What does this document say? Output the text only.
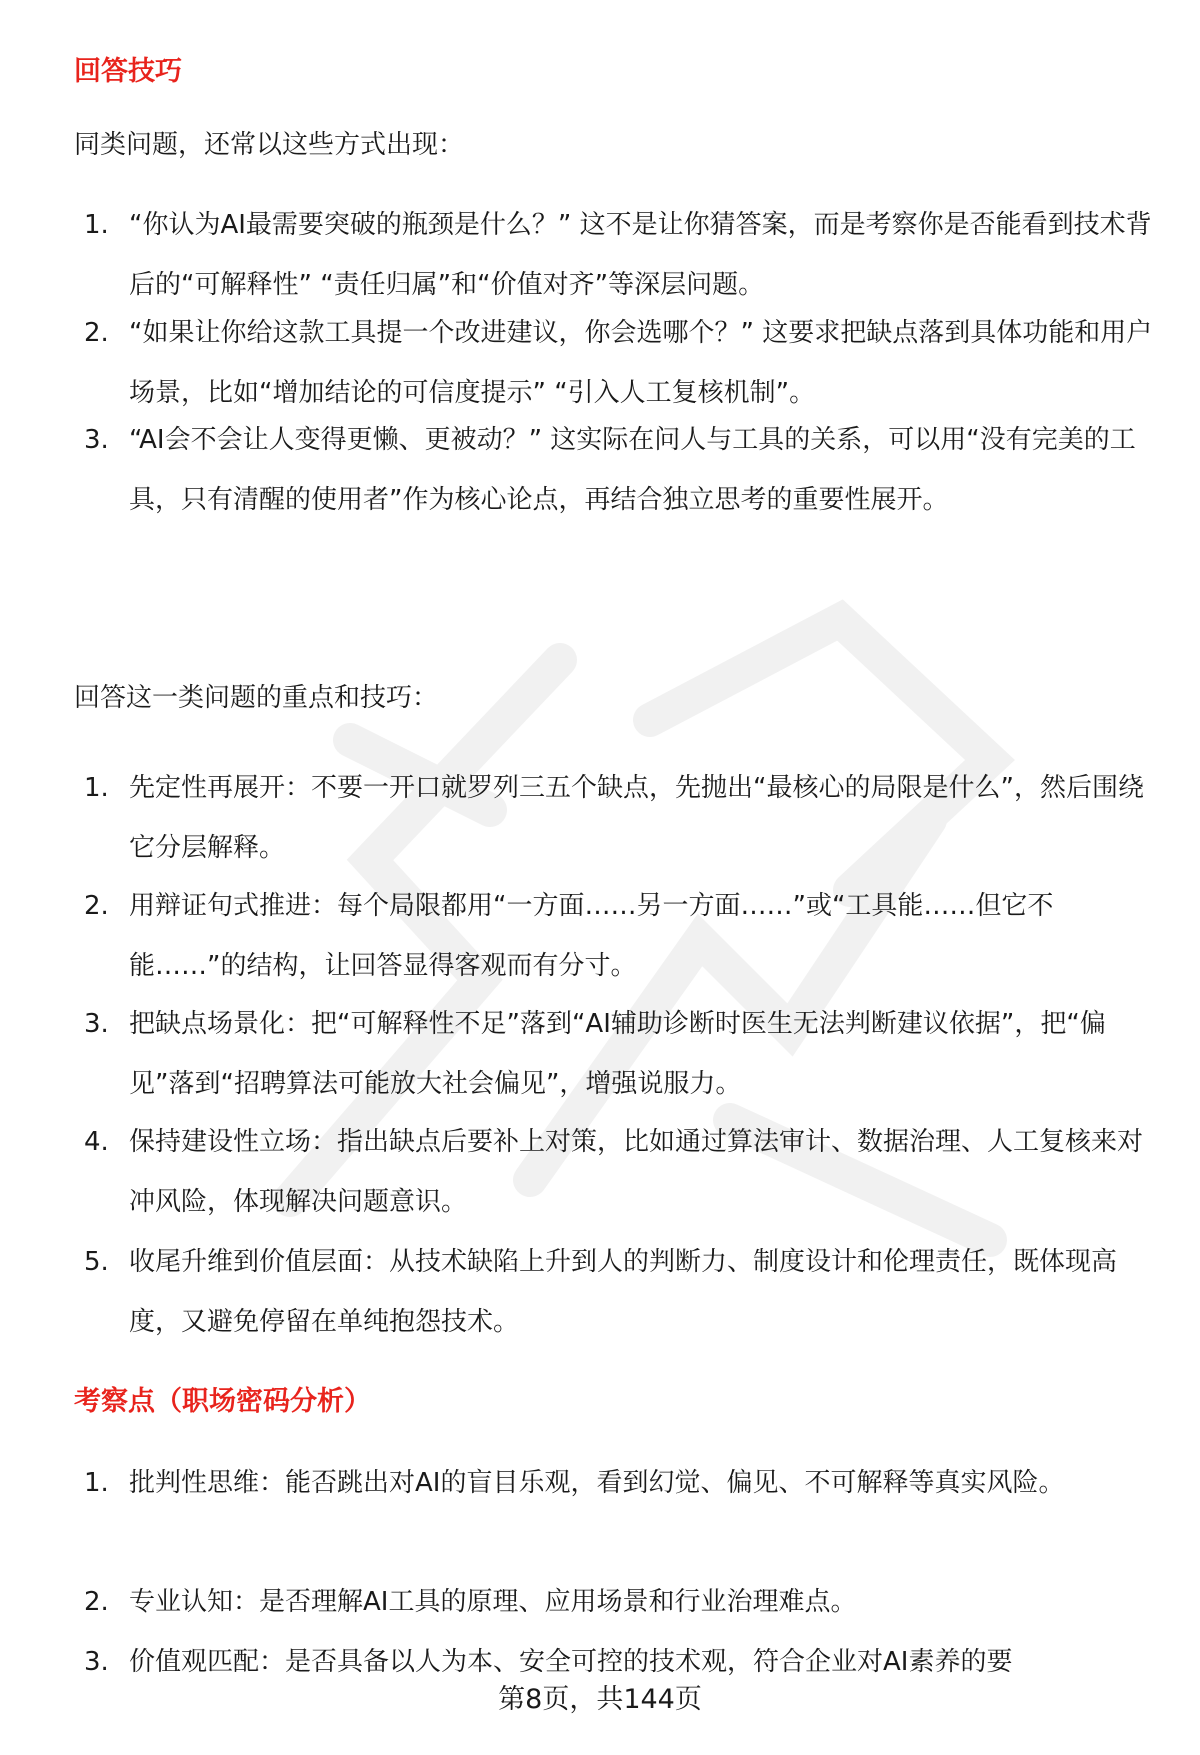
回答技巧
同类问题，还常以这些方式出现：
1. “你认为AI最需要突破的瓶颈是什么？” 这不是让你猜答案，而是考察你是否能看到技术背后的“可解释性” “责任归属”和“价值对齐”等深层问题。
2. “如果让你给这款工具提一个改进建议，你会选哪个？” 这要求把缺点落到具体功能和用户场景，比如“增加结论的可信度提示” “引入人工复核机制”。
3. “AI会不会让人变得更懒、更被动？” 这实际在问人与工具的关系，可以用“没有完美的工具，只有清醒的使用者”作为核心论点，再结合独立思考的重要性展开。
回答这一类问题的重点和技巧：
1. 先定性再展开：不要一开口就罗列三五个缺点，先抛出“最核心的局限是什么”，然后围绕它分层解释。
2. 用辩证句式推进：每个局限都用“一方面……另一方面……”或“工具能……但它不能……”的结构，让回答显得客观而有分寸。
3. 把缺点场景化：把“可解释性不足”落到“AI辅助诊断时医生无法判断建议依据”，把“偏见”落到“招聘算法可能放大社会偏见”，增强说服力。
4. 保持建设性立场：指出缺点后要补上对策，比如通过算法审计、数据治理、人工复核来对冲风险，体现解决问题意识。
5. 收尾升维到价值层面：从技术缺陷上升到人的判断力、制度设计和伦理责任，既体现高度，又避免停留在单纯抱怨技术。
考察点（职场密码分析）
1. 批判性思维：能否跳出对AI的盲目乐观，看到幻觉、偏见、不可解释等真实风险。
2. 专业认知：是否理解AI工具的原理、应用场景和行业治理难点。
3. 价值观匹配：是否具备以人为本、安全可控的技术观，符合企业对AI素养的要
第8页，共144页
